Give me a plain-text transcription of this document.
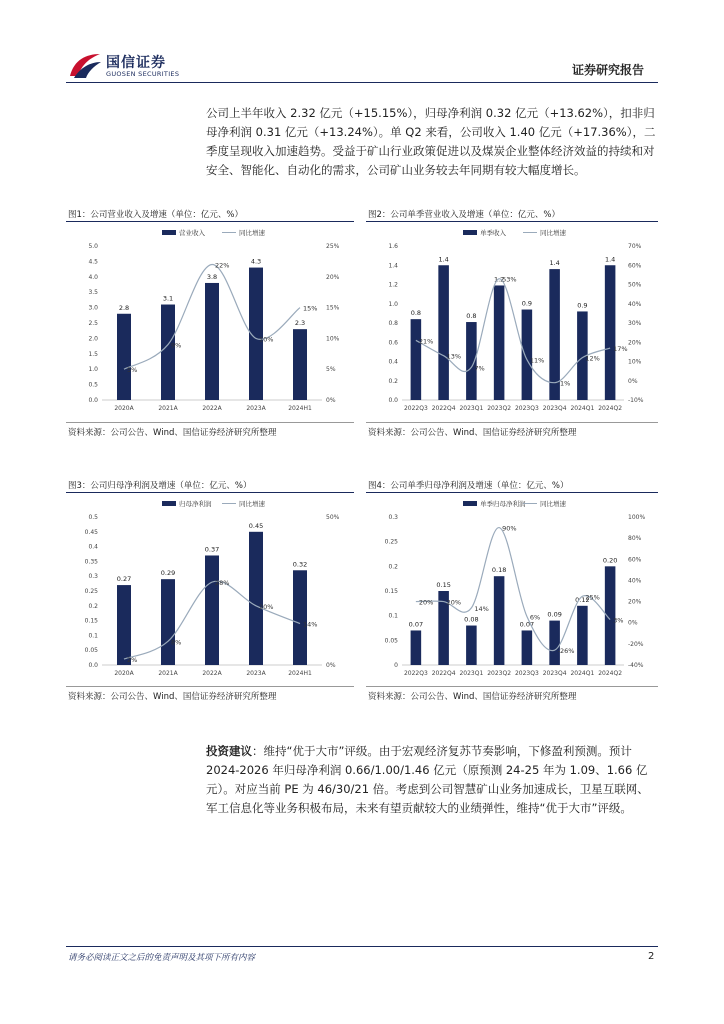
国信证券
GUOSEN SECURITIES	证券研究报告

公司上半年收入 2.32 亿元（+15.15%），归母净利润 0.32 亿元（+13.62%），扣非归母净利润 0.31 亿元（+13.24%）。单 Q2 来看，公司收入 1.40 亿元（+17.36%），二季度呈现收入加速趋势。受益于矿山行业政策促进以及煤炭企业整体经济效益的持续和对安全、智能化、自动化的需求，公司矿山业务较去年同期有较大幅度增长。

图1：公司营业收入及增速（单位：亿元、%）
营业收入	同比增速
0.0
0.5
1.0
1.5
2.0
2.5
3.0
3.5
4.0
4.5
5.0
0%
5%
10%
15%
20%
25%
2.8
2020A
3.1
2021A
3.8
2022A
4.3
2023A
2.3
2024H1
5%
9%
22%
10%
15%
资料来源：公司公告、Wind、国信证券经济研究所整理
图2：公司单季营业收入及增速（单位：亿元、%）
单季收入	同比增速
0.0
0.2
0.4
0.6
0.8
1.0
1.2
1.4
1.6
-10%
0%
10%
20%
30%
40%
50%
60%
70%
0.8
2022Q3
1.4
2022Q4
0.8
2023Q1
1.2
2023Q2
0.9
2023Q3
1.4
2023Q4
0.9
2024Q1
1.4
2024Q2
21%
13%
7%
53%
11%
-1%
12%
17%
资料来源：公司公告、Wind、国信证券经济研究所整理
图3：公司归母净利润及增速（单位：亿元、%）
归母净利润	同比增速
0.0
0.05
0.1
0.15
0.2
0.25
0.3
0.35
0.4
0.45
0.5
0%
50%
0.27
2020A
0.29
2021A
0.37
2022A
0.45
2023A
0.32
2024H1
2%
8%
28%
20%
14%
资料来源：公司公告、Wind、国信证券经济研究所整理
图4：公司单季归母净利润及增速（单位：亿元、%）
单季归母净利润 同比增速
0
0.05
0.1
0.15
0.2
0.25
0.3
-40%
-20%
0%
20%
40%
60%
80%
100%
0.07
2022Q3
0.15
2022Q4
0.08
2023Q1
0.18
2023Q2
0.07
2023Q3
0.09
2023Q4
0.12
2024Q1
0.20
2024Q2
20% 20%
14%
90%
6%
-26%
25%
3%
资料来源：公司公告、Wind、国信证券经济研究所整理

投资建议：维持“优于大市”评级。由于宏观经济复苏节奏影响，下修盈利预测。预计 2024-2026 年归母净利润 0.66/1.00/1.46 亿元（原预测 24-25 年为 1.09、1.66 亿元）。对应当前 PE 为 46/30/21 倍。考虑到公司智慧矿山业务加速成长，卫星互联网、军工信息化等业务积极布局，未来有望贡献较大的业绩弹性，维持“优于大市”评级。

请务必阅读正文之后的免责声明及其项下所有内容	2
